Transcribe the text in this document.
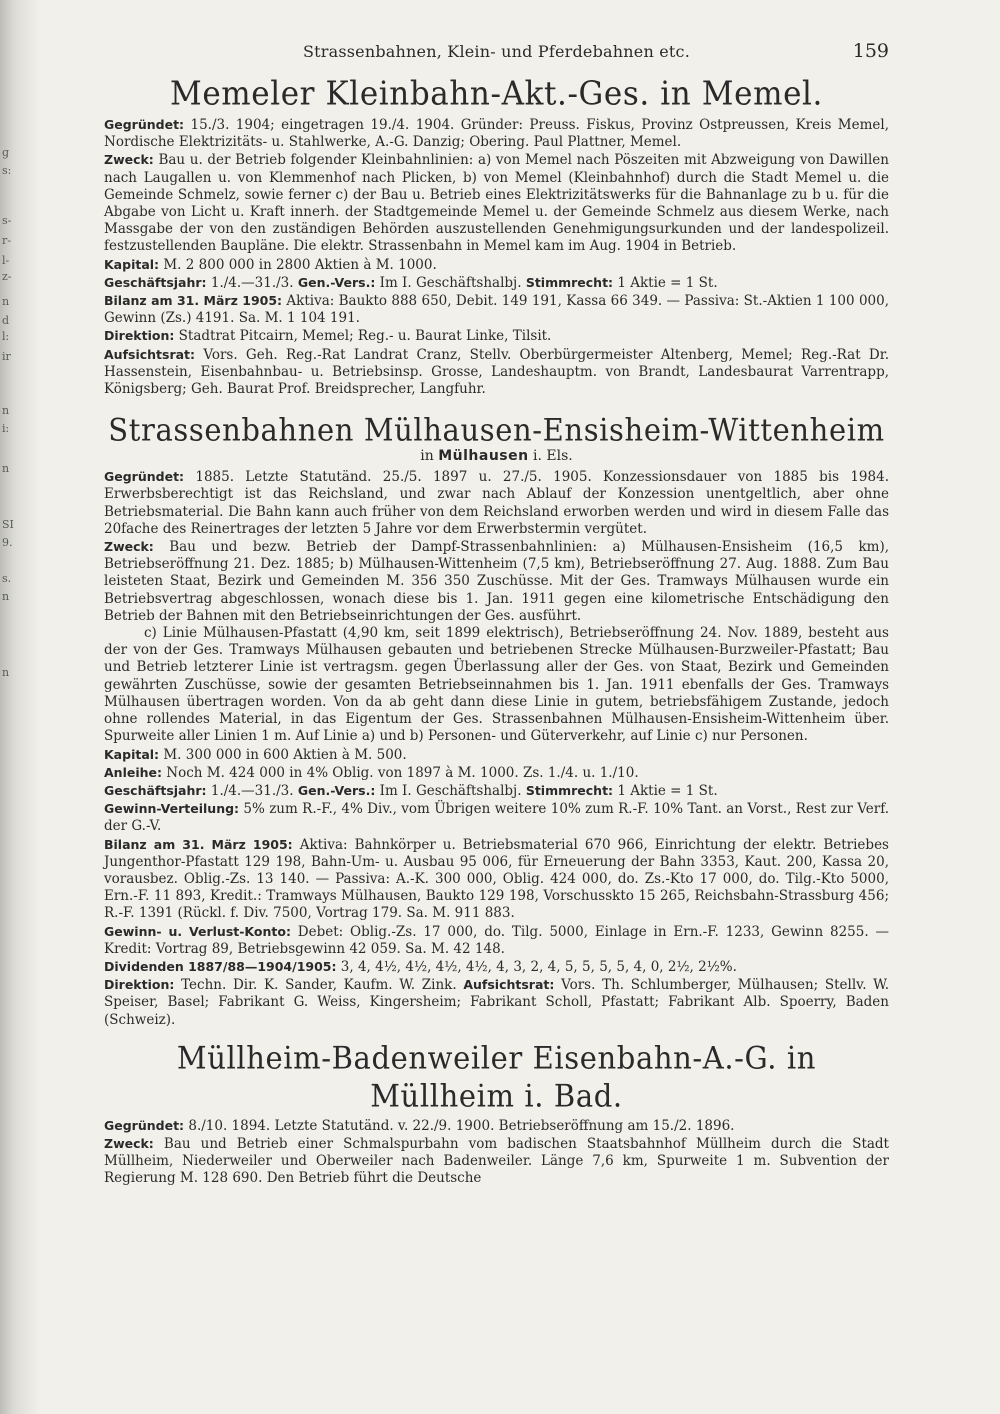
g
s:
s-
r-
l-
z-
n
d
l:
ir
n
i:
n
SI
9.
s.
n
n
Strassenbahnen, Klein- und Pferdebahnen etc.	159
Memeler Kleinbahn-Akt.-Ges. in Memel.

Gegründet: 15./3. 1904; eingetragen 19./4. 1904. Gründer: Preuss. Fiskus, Provinz Ostpreussen, Kreis Memel, Nordische Elektrizitäts- u. Stahlwerke, A.-G. Danzig; Obering. Paul Plattner, Memel.

Zweck: Bau u. der Betrieb folgender Kleinbahnlinien: a) von Memel nach Pöszeiten mit Abzweigung von Dawillen nach Laugallen u. von Klemmenhof nach Plicken, b) von Memel (Kleinbahnhof) durch die Stadt Memel u. die Gemeinde Schmelz, sowie ferner c) der Bau u. Betrieb eines Elektrizitätswerks für die Bahnanlage zu b u. für die Abgabe von Licht u. Kraft innerh. der Stadtgemeinde Memel u. der Gemeinde Schmelz aus diesem Werke, nach Massgabe der von den zuständigen Behörden auszustellenden Genehmigungsurkunden und der landespolizeil. festzustellenden Baupläne. Die elektr. Strassenbahn in Memel kam im Aug. 1904 in Betrieb.

Kapital: M. 2 800 000 in 2800 Aktien à M. 1000.

Geschäftsjahr: 1./4.—31./3. Gen.-Vers.: Im I. Geschäftshalbj. Stimmrecht: 1 Aktie = 1 St.

Bilanz am 31. März 1905: Aktiva: Baukto 888 650, Debit. 149 191, Kassa 66 349. — Passiva: St.-Aktien 1 100 000, Gewinn (Zs.) 4191. Sa. M. 1 104 191.

Direktion: Stadtrat Pitcairn, Memel; Reg.- u. Baurat Linke, Tilsit.

Aufsichtsrat: Vors. Geh. Reg.-Rat Landrat Cranz, Stellv. Oberbürgermeister Altenberg, Memel; Reg.-Rat Dr. Hassenstein, Eisenbahnbau- u. Betriebsinsp. Grosse, Landeshauptm. von Brandt, Landesbaurat Varrentrapp, Königsberg; Geh. Baurat Prof. Breidsprecher, Langfuhr.

Strassenbahnen Mülhausen-Ensisheim-Wittenheim
in Mülhausen i. Els.

Gegründet: 1885. Letzte Statutänd. 25./5. 1897 u. 27./5. 1905. Konzessionsdauer von 1885 bis 1984. Erwerbsberechtigt ist das Reichsland, und zwar nach Ablauf der Konzession unentgeltlich, aber ohne Betriebsmaterial. Die Bahn kann auch früher von dem Reichsland erworben werden und wird in diesem Falle das 20fache des Reinertrages der letzten 5 Jahre vor dem Erwerbstermin vergütet.

Zweck: Bau und bezw. Betrieb der Dampf-Strassenbahnlinien: a) Mülhausen-Ensisheim (16,5 km), Betriebseröffnung 21. Dez. 1885; b) Mülhausen-Wittenheim (7,5 km), Betriebseröffnung 27. Aug. 1888. Zum Bau leisteten Staat, Bezirk und Gemeinden M. 356 350 Zuschüsse. Mit der Ges. Tramways Mülhausen wurde ein Betriebsvertrag abgeschlossen, wonach diese bis 1. Jan. 1911 gegen eine kilometrische Entschädigung den Betrieb der Bahnen mit den Betriebseinrichtungen der Ges. ausführt.

c) Linie Mülhausen-Pfastatt (4,90 km, seit 1899 elektrisch), Betriebseröffnung 24. Nov. 1889, besteht aus der von der Ges. Tramways Mülhausen gebauten und betriebenen Strecke Mülhausen-Burzweiler-Pfastatt; Bau und Betrieb letzterer Linie ist vertragsm. gegen Überlassung aller der Ges. von Staat, Bezirk und Gemeinden gewährten Zuschüsse, sowie der gesamten Betriebseinnahmen bis 1. Jan. 1911 ebenfalls der Ges. Tramways Mülhausen übertragen worden. Von da ab geht dann diese Linie in gutem, betriebsfähigem Zustande, jedoch ohne rollendes Material, in das Eigentum der Ges. Strassenbahnen Mülhausen-Ensisheim-Wittenheim über. Spurweite aller Linien 1 m. Auf Linie a) und b) Personen- und Güterverkehr, auf Linie c) nur Personen.

Kapital: M. 300 000 in 600 Aktien à M. 500.

Anleihe: Noch M. 424 000 in 4% Oblig. von 1897 à M. 1000. Zs. 1./4. u. 1./10.

Geschäftsjahr: 1./4.—31./3. Gen.-Vers.: Im I. Geschäftshalbj. Stimmrecht: 1 Aktie = 1 St.

Gewinn-Verteilung: 5% zum R.-F., 4% Div., vom Übrigen weitere 10% zum R.-F. 10% Tant. an Vorst., Rest zur Verf. der G.-V.

Bilanz am 31. März 1905: Aktiva: Bahnkörper u. Betriebsmaterial 670 966, Einrichtung der elektr. Betriebes Jungenthor-Pfastatt 129 198, Bahn-Um- u. Ausbau 95 006, für Erneuerung der Bahn 3353, Kaut. 200, Kassa 20, vorausbez. Oblig.-Zs. 13 140. — Passiva: A.-K. 300 000, Oblig. 424 000, do. Zs.-Kto 17 000, do. Tilg.-Kto 5000, Ern.-F. 11 893, Kredit.: Tramways Mülhausen, Baukto 129 198, Vorschusskto 15 265, Reichsbahn-Strassburg 456; R.-F. 1391 (Rückl. f. Div. 7500, Vortrag 179. Sa. M. 911 883.

Gewinn- u. Verlust-Konto: Debet: Oblig.-Zs. 17 000, do. Tilg. 5000, Einlage in Ern.-F. 1233, Gewinn 8255. — Kredit: Vortrag 89, Betriebsgewinn 42 059. Sa. M. 42 148.

Dividenden 1887/88—1904/1905: 3, 4, 4½, 4½, 4½, 4½, 4, 3, 2, 4, 5, 5, 5, 5, 4, 0, 2½, 2½%.

Direktion: Techn. Dir. K. Sander, Kaufm. W. Zink. Aufsichtsrat: Vors. Th. Schlumberger, Mülhausen; Stellv. W. Speiser, Basel; Fabrikant G. Weiss, Kingersheim; Fabrikant Scholl, Pfastatt; Fabrikant Alb. Spoerry, Baden (Schweiz).

Müllheim-Badenweiler Eisenbahn-A.-G. in Müllheim i. Bad.

Gegründet: 8./10. 1894. Letzte Statutänd. v. 22./9. 1900. Betriebseröffnung am 15./2. 1896.

Zweck: Bau und Betrieb einer Schmalspurbahn vom badischen Staatsbahnhof Müllheim durch die Stadt Müllheim, Niederweiler und Oberweiler nach Badenweiler. Länge 7,6 km, Spurweite 1 m. Subvention der Regierung M. 128 690. Den Betrieb führt die Deutsche
